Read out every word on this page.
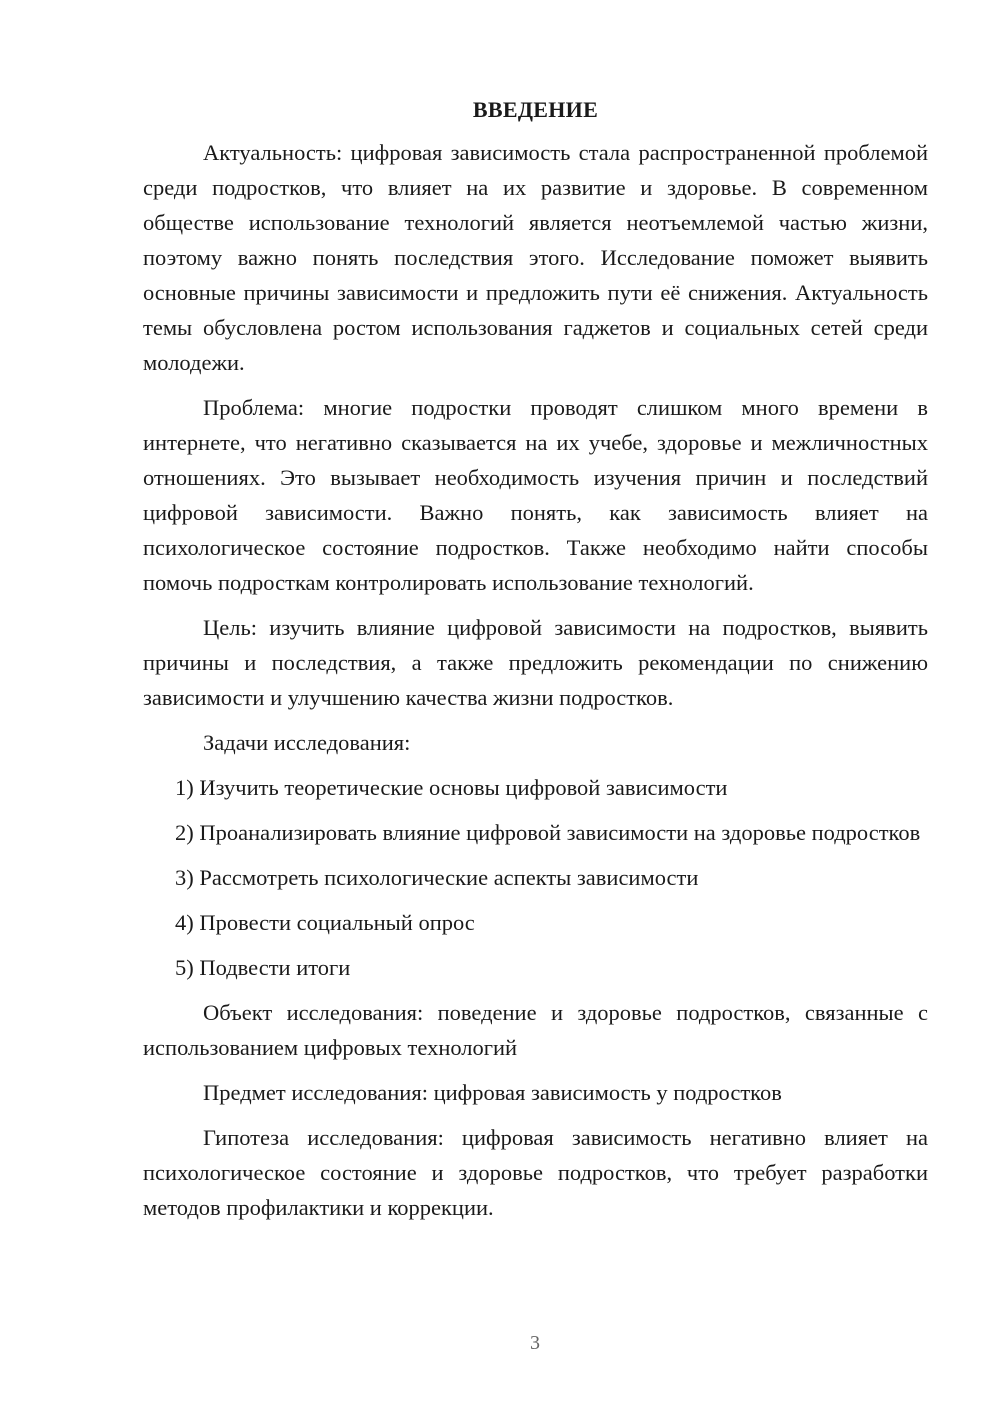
ВВЕДЕНИЕ

Актуальность: цифровая зависимость стала распространенной проблемой среди подростков, что влияет на их развитие и здоровье. В современном обществе использование технологий является неотъемлемой частью жизни, поэтому важно понять последствия этого. Исследование поможет выявить основные причины зависимости и предложить пути её снижения. Актуальность темы обусловлена ростом использования гаджетов и социальных сетей среди молодежи.

Проблема: многие подростки проводят слишком много времени в интернете, что негативно сказывается на их учебе, здоровье и межличностных отношениях. Это вызывает необходимость изучения причин и последствий цифровой зависимости. Важно понять, как зависимость влияет на психологическое состояние подростков. Также необходимо найти способы помочь подросткам контролировать использование технологий.

Цель: изучить влияние цифровой зависимости на подростков, выявить причины и последствия, а также предложить рекомендации по снижению зависимости и улучшению качества жизни подростков.

Задачи исследования:

1) Изучить теоретические основы цифровой зависимости

2) Проанализировать влияние цифровой зависимости на здоровье подростков

3) Рассмотреть психологические аспекты зависимости

4) Провести социальный опрос

5) Подвести итоги

Объект исследования: поведение и здоровье подростков, связанные с использованием цифровых технологий

Предмет исследования: цифровая зависимость у подростков

Гипотеза исследования: цифровая зависимость негативно влияет на психологическое состояние и здоровье подростков, что требует разработки методов профилактики и коррекции.

3
